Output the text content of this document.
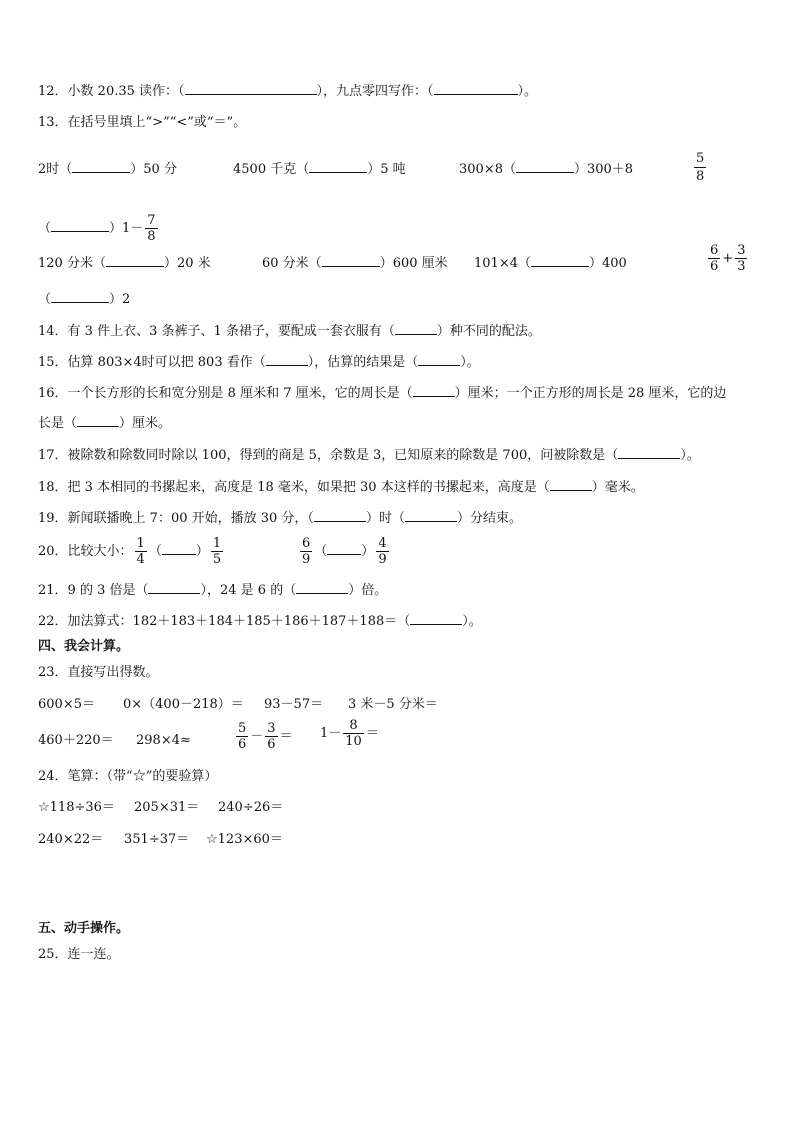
12．小数 20.35 读作：（	），九点零四写作：（	）。
13．在括号里填上“>”“<”或“＝”。
2时（	）50 分	4500 千克（	）5 吨	300×8（	）300＋8	$\frac{5}{8}$
（	）$1- \frac{7}{8}$
120 分米（	）20 米	60 分米（	）600 厘米 101×4（	）400	$\frac{6}{6} + \frac{3}{3}$
（	）2
14．有 3 件上衣、3 条裤子、1 条裙子，要配成一套衣服有（	）种不同的配法。
15．估算 803×4时可以把 803 看作（	），估算的结果是（	）。
16．一个长方形的长和宽分别是 8 厘米和 7 厘米，它的周长是（	）厘米；一个正方形的周长是 28 厘米，它的边
长是（	）厘米。
17．被除数和除数同时除以 100，得到的商是 5，余数是 3，已知原来的除数是 700，问被除数是（	）。
18．把 3 本相同的书摞起来，高度是 18 毫米，如果把 30 本这样的书摞起来，高度是（	）毫米。
19．新闻联播晚上 7：00 开始，播放 30 分，（	）时（	）分结束。
20．比较大小： $\frac{1}{4}$ （	） $\frac{1}{5}$	$\frac{6}{9}$ （	） $\frac{4}{9}$
21．9 的 3 倍是（	），24 是 6 的（	）倍。
22．加法算式：182＋183＋184＋185＋186＋187＋188＝（	）。
四、我会计算。
23．直接写出得数。
600×5＝ 0×（400－218）＝ 93－57＝ 3 米－5 分米＝
460＋220＝ 298×4≈	$\frac{5}{6} - \frac{3}{6} = 1- \frac{8}{10}$ ＝
24．笔算：（带“☆”的要验算）
☆118÷36＝ 205×31＝ 240÷26＝
240×22＝ 351÷37＝ ☆123×60＝
五、动手操作。
25．连一连。
